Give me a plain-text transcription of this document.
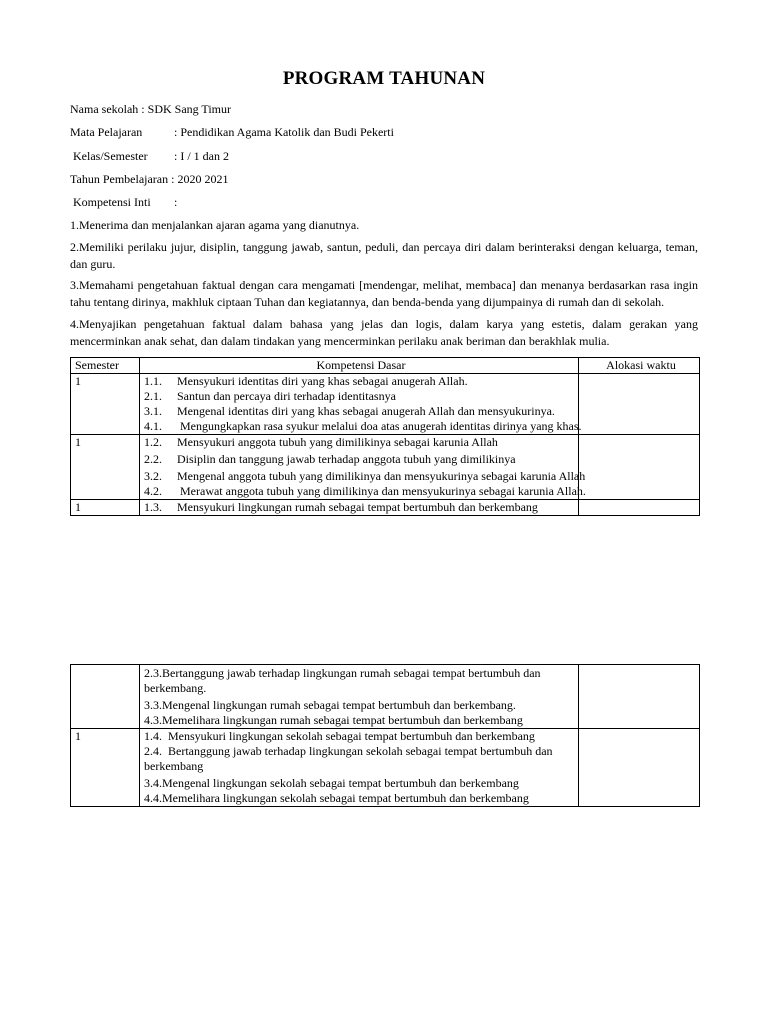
PROGRAM TAHUNAN
Nama sekolah : SDK Sang Timur
Mata Pelajaran	: Pendidikan Agama Katolik dan Budi Pekerti
Kelas/Semester : I / 1 dan 2
Tahun Pembelajaran : 2020 2021
Kompetensi Inti :
1.Menerima dan menjalankan ajaran agama yang dianutnya.
2.Memiliki perilaku jujur, disiplin, tanggung jawab, santun, peduli, dan percaya diri dalam berinteraksi dengan keluarga, teman, dan guru.
3.Memahami pengetahuan faktual dengan cara mengamati [mendengar, melihat, membaca] dan menanya berdasarkan rasa ingin tahu tentang dirinya, makhluk ciptaan Tuhan dan kegiatannya, dan benda-benda yang dijumpainya di rumah dan di sekolah.
4.Menyajikan pengetahuan faktual dalam bahasa yang jelas dan logis, dalam karya yang estetis, dalam gerakan yang mencerminkan anak sehat, dan dalam tindakan yang mencerminkan perilaku anak beriman dan berakhlak mulia.
Semester	Kompetensi Dasar	Alokasi waktu
1	1.1. Mensyukuri identitas diri yang khas sebagai anugerah Allah.
2.1. Santun dan percaya diri terhadap identitasnya
3.1. Mengenal identitas diri yang khas sebagai anugerah Allah dan mensyukurinya.
4.1. Mengungkapkan rasa syukur melalui doa atas anugerah identitas dirinya yang khas.	

1	1.2. Mensyukuri anggota tubuh yang dimilikinya sebagai karunia Allah
2.2. Disiplin dan tanggung jawab terhadap anggota tubuh yang dimilikinya
3.2. Mengenal anggota tubuh yang dimilikinya dan mensyukurinya sebagai karunia Allah
4.2. Merawat anggota tubuh yang dimilikinya dan mensyukurinya sebagai karunia Allah.	

1	1.3. Mensyukuri lingkungan rumah sebagai tempat bertumbuh dan berkembang	

	2.3.Bertanggung jawab terhadap lingkungan rumah sebagai tempat bertumbuh dan berkembang.
3.3.Mengenal lingkungan rumah sebagai tempat bertumbuh dan berkembang.
4.3.Memelihara lingkungan rumah sebagai tempat bertumbuh dan berkembang	

1	1.4.  Mensyukuri lingkungan sekolah sebagai tempat bertumbuh dan berkembang
2.4.  Bertanggung jawab terhadap lingkungan sekolah sebagai tempat bertumbuh dan berkembang
3.4.Mengenal lingkungan sekolah sebagai tempat bertumbuh dan berkembang
4.4.Memelihara lingkungan sekolah sebagai tempat bertumbuh dan berkembang	
